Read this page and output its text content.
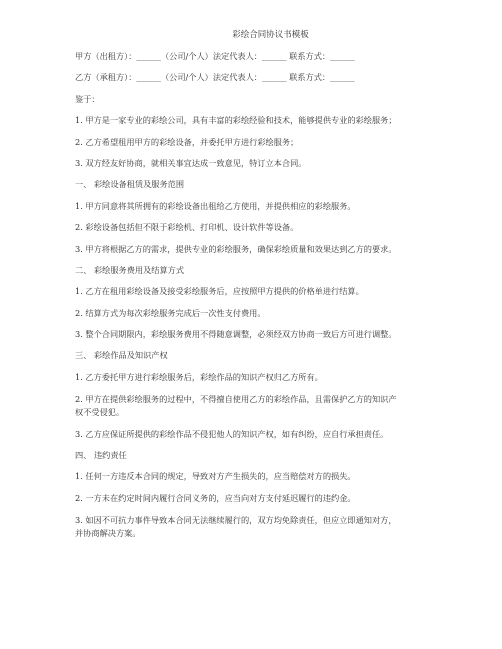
彩绘合同协议书模板
甲方（出租方）：______（公司/个人）法定代表人：______ 联系方式：______
乙方（承租方）：______（公司/个人）法定代表人：______ 联系方式：______
鉴于：
1. 甲方是一家专业的彩绘公司，具有丰富的彩绘经验和技术，能够提供专业的彩绘服务；
2. 乙方希望租用甲方的彩绘设备，并委托甲方进行彩绘服务；
3. 双方经友好协商，就相关事宜达成一致意见，特订立本合同。
一、 彩绘设备租赁及服务范围
1. 甲方同意将其所拥有的彩绘设备出租给乙方使用，并提供相应的彩绘服务。
2. 彩绘设备包括但不限于彩绘机、打印机、设计软件等设备。
3. 甲方将根据乙方的需求，提供专业的彩绘服务，确保彩绘质量和效果达到乙方的要求。
二、 彩绘服务费用及结算方式
1. 乙方在租用彩绘设备及接受彩绘服务后，应按照甲方提供的价格单进行结算。
2. 结算方式为每次彩绘服务完成后一次性支付费用。
3. 整个合同期限内，彩绘服务费用不得随意调整，必须经双方协商一致后方可进行调整。
三、 彩绘作品及知识产权
1. 乙方委托甲方进行彩绘服务后，彩绘作品的知识产权归乙方所有。

2. 甲方在提供彩绘服务的过程中，不得擅自使用乙方的彩绘作品，且需保护乙方的知识产

权不受侵犯。

3. 乙方应保证所提供的彩绘作品不侵犯他人的知识产权，如有纠纷，应自行承担责任。
四、 违约责任
1. 任何一方违反本合同的规定，导致对方产生损失的，应当赔偿对方的损失。
2. 一方未在约定时间内履行合同义务的，应当向对方支付延迟履行的违约金。

3. 如因不可抗力事件导致本合同无法继续履行的，双方均免除责任，但应立即通知对方，

并协商解决方案。
